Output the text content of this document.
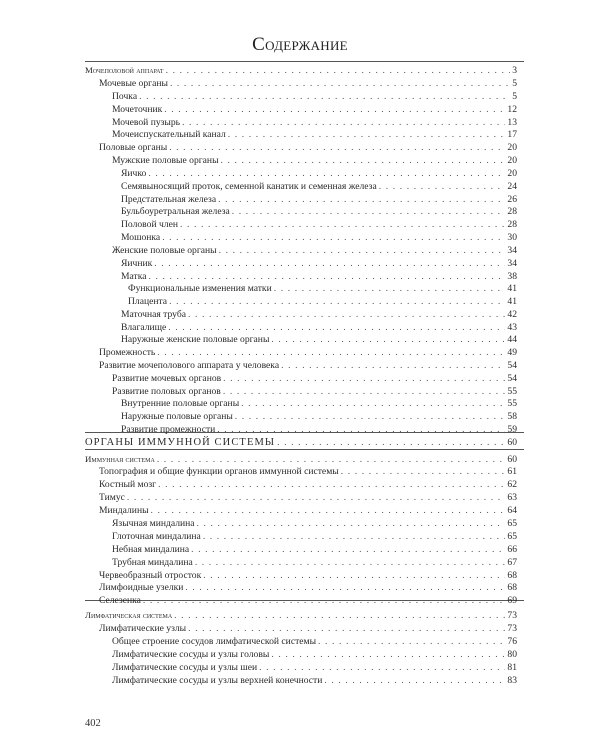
Содержание
Мочеполовой аппарат . . .	3
Мочевые органы . . .	5
Почка . . .	5
Мочеточник . . .	12
Мочевой пузырь . . .	13
Мочеиспускательный канал . . .	17
Половые органы . . .	20
Мужские половые органы . . .	20
Яичко . . .	20
Семявыносящий проток, семенной канатик и семенная железа . . .	24
Предстательная железа . . .	26
Бульбоуретральная железа . . .	28
Половой член . . .	28
Мошонка . . .	30
Женские половые органы . . .	34
Яичник . . .	34
Матка . . .	38
Функциональные изменения матки . . .	41
Плацента . . .	41
Маточная труба . . .	42
Влагалище . . .	43
Наружные женские половые органы . . .	44
Промежность . . .	49
Развитие мочеполового аппарата у человека . . .	54
Развитие мочевых органов . . .	54
Развитие половых органов . . .	55
Внутренние половые органы . . .	55
Наружные половые органы . . .	58
Развитие промежности . . .	59
ОРГАНЫ ИММУННОЙ СИСТЕМЫ . . .	60
Иммунная система . . .	60
Топография и общие функции органов иммунной системы . . .	61
Костный мозг . . .	62
Тимус . . .	63
Миндалины . . .	64
Язычная миндалина . . .	65
Глоточная миндалина . . .	65
Небная миндалина . . .	66
Трубная миндалина . . .	67
Червеобразный отросток . . .	68
Лимфоидные узелки . . .	68
Селезенка . . .	69
Лимфатическая система . . .	73
Лимфатические узлы . . .	73
Общее строение сосудов лимфатической системы . . .	76
Лимфатические сосуды и узлы головы . . .	80
Лимфатические сосуды и узлы шеи . . .	81
Лимфатические сосуды и узлы верхней конечности . . .	83
402
